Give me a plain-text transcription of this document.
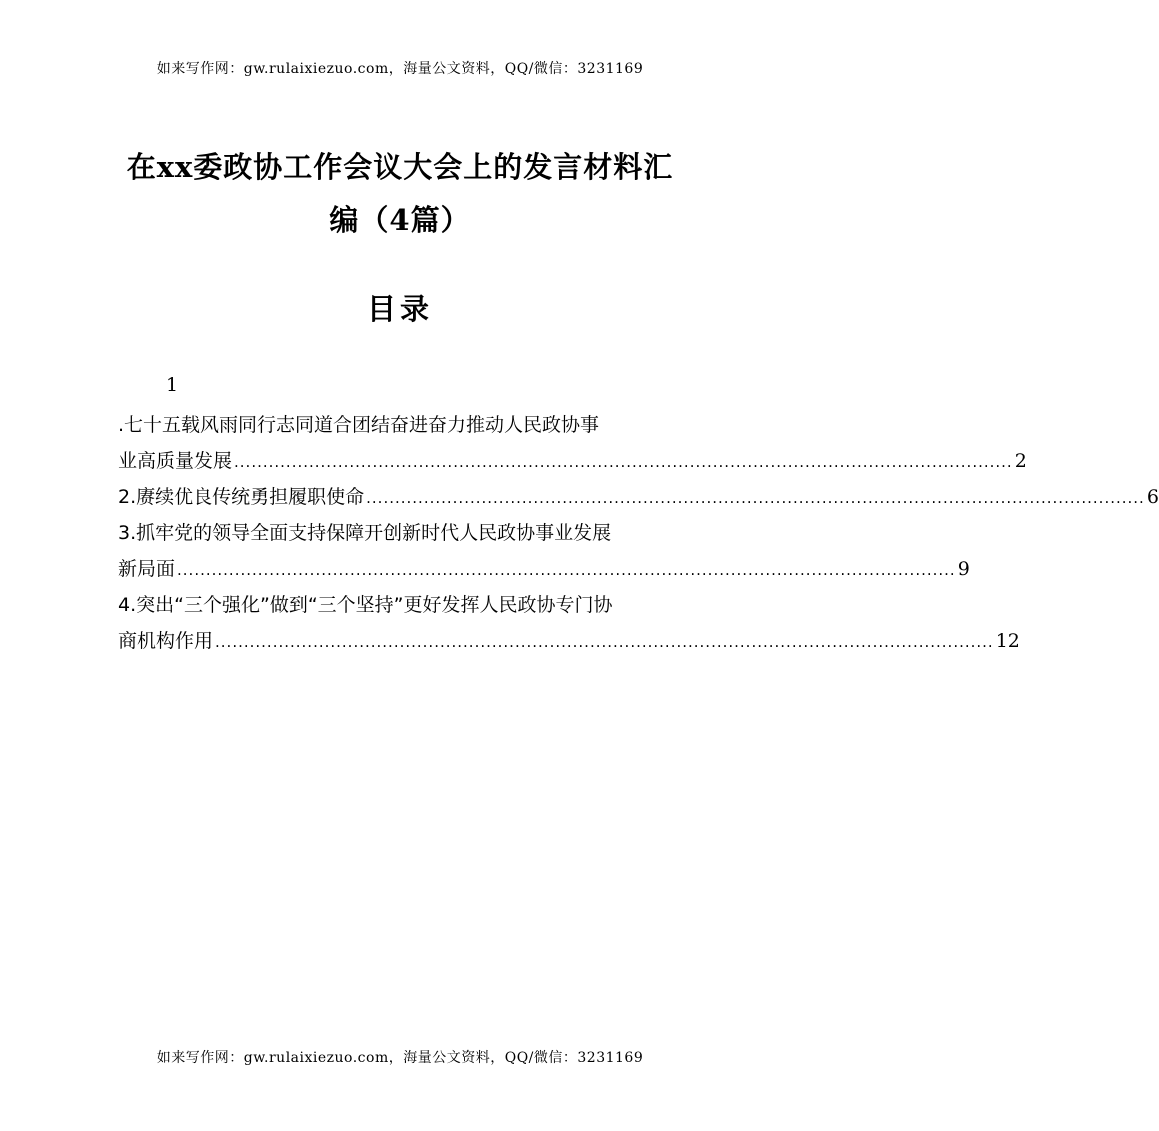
如来写作网：gw.rulaixiezuo.com，海量公文资料，QQ/微信：3231169
在xx委政协工作会议大会上的发言材料汇
编（4篇）
目录
1
.七十五载风雨同行志同道合团结奋进奋力推动人民政协事
业高质量发展 ....................................................................................................................................... 2
2.赓续优良传统勇担履职使命 ....................................................................................................................................... 6
3.抓牢党的领导全面支持保障开创新时代人民政协事业发展
新局面 ....................................................................................................................................... 9
4.突出“三个强化”做到“三个坚持”更好发挥人民政协专门协
商机构作用 ....................................................................................................................................... 12
如来写作网：gw.rulaixiezuo.com，海量公文资料，QQ/微信：3231169
